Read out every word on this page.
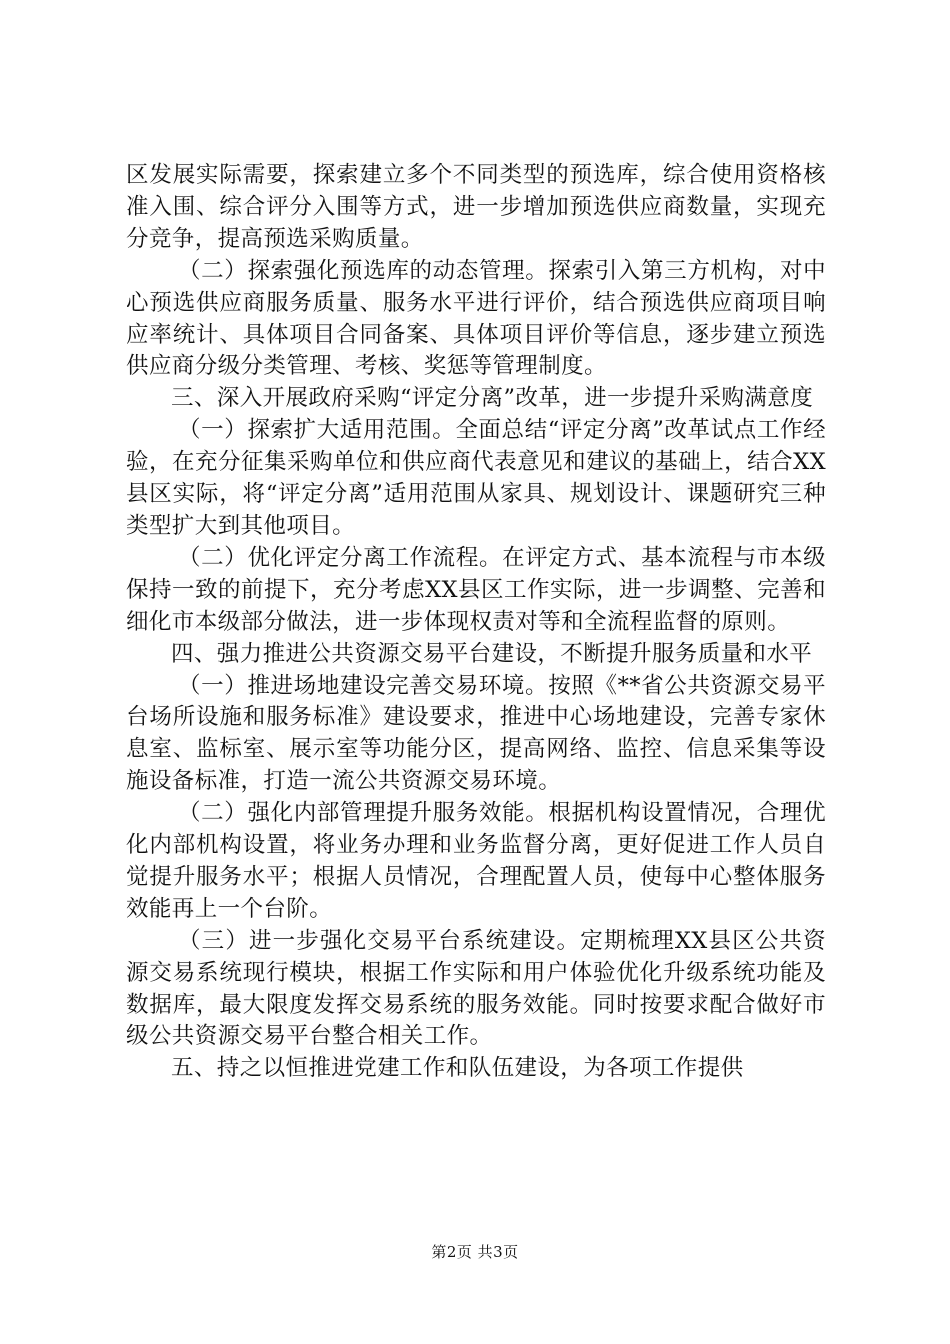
区发展实际需要，探索建立多个不同类型的预选库，综合使用资格核准入围、综合评分入围等方式，进一步增加预选供应商数量，实现充分竞争，提高预选采购质量。

（二）探索强化预选库的动态管理。探索引入第三方机构，对中心预选供应商服务质量、服务水平进行评价，结合预选供应商项目响应率统计、具体项目合同备案、具体项目评价等信息，逐步建立预选供应商分级分类管理、考核、奖惩等管理制度。

三、深入开展政府采购“评定分离”改革，进一步提升采购满意度

（一）探索扩大适用范围。全面总结“评定分离”改革试点工作经验，在充分征集采购单位和供应商代表意见和建议的基础上，结合XX县区实际，将“评定分离”适用范围从家具、规划设计、课题研究三种类型扩大到其他项目。

（二）优化评定分离工作流程。在评定方式、基本流程与市本级保持一致的前提下，充分考虑XX县区工作实际，进一步调整、完善和细化市本级部分做法，进一步体现权责对等和全流程监督的原则。

四、强力推进公共资源交易平台建设，不断提升服务质量和水平

（一）推进场地建设完善交易环境。按照《**省公共资源交易平台场所设施和服务标准》建设要求，推进中心场地建设，完善专家休息室、监标室、展示室等功能分区，提高网络、监控、信息采集等设施设备标准，打造一流公共资源交易环境。

（二）强化内部管理提升服务效能。根据机构设置情况，合理优化内部机构设置，将业务办理和业务监督分离，更好促进工作人员自觉提升服务水平；根据人员情况，合理配置人员，使每中心整体服务效能再上一个台阶。

（三）进一步强化交易平台系统建设。定期梳理XX县区公共资源交易系统现行模块，根据工作实际和用户体验优化升级系统功能及数据库，最大限度发挥交易系统的服务效能。同时按要求配合做好市级公共资源交易平台整合相关工作。

五、持之以恒推进党建工作和队伍建设，为各项工作提供

第2页 共3页
